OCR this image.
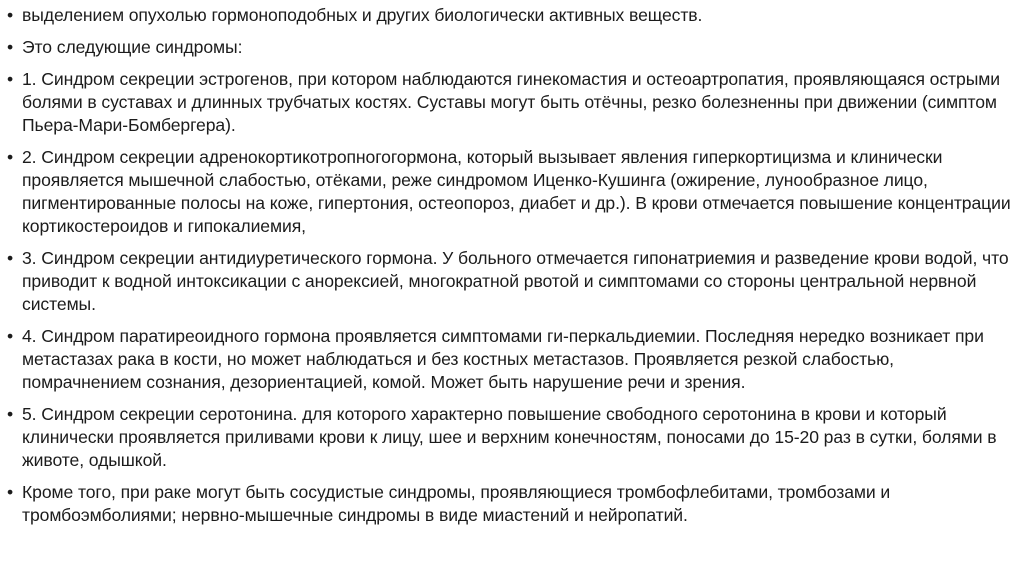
• выделением опухолью гормоноподобных и других биологически активных веществ.
• Это следующие синдромы:
• 1. Синдром секреции эстрогенов, при котором наблюдаются гинекомастия и остеоартропатия, проявляющаяся острыми болями в суставах и длинных трубчатых костях. Суставы могут быть отёчны, резко болезненны при движении (симптом Пьера-Мари-Бомбергера).
• 2. Синдром секреции адренокортикотропногогормона, который вызывает явления гиперкортицизма и клинически проявляется мышечной слабостью, отёками, реже синдромом Иценко-Кушинга (ожирение, лунообразное лицо, пигментированные полосы на коже, гипертония, остеопороз, диабет и др.). В крови отмечается повышение концентрации кортикостероидов и гипокалиемия,
• 3. Синдром секреции антидиуретического гормона. У больного отмечается гипонатриемия и разведение крови водой, что приводит к водной интоксикации с анорексией, многократной рвотой и симптомами со стороны центральной нервной системы.
• 4. Синдром паратиреоидного гормона проявляется симптомами ги-перкальдиемии. Последняя нередко возникает при метастазах рака в кости, но может наблюдаться и без костных метастазов. Проявляется резкой слабостью, помрачнением сознания, дезориентацией, комой. Может быть нарушение речи и зрения.
• 5. Синдром секреции серотонина. для которого характерно повышение свободного серотонина в крови и который клинически проявляется приливами крови к лицу, шее и верхним конечностям, поносами до 15-20 раз в сутки, болями в животе, одышкой.
• Кроме того, при раке могут быть сосудистые синдромы, проявляющиеся тромбофлебитами, тромбозами и тромбоэмболиями; нервно-мышечные синдромы в виде миастений и нейропатий.
